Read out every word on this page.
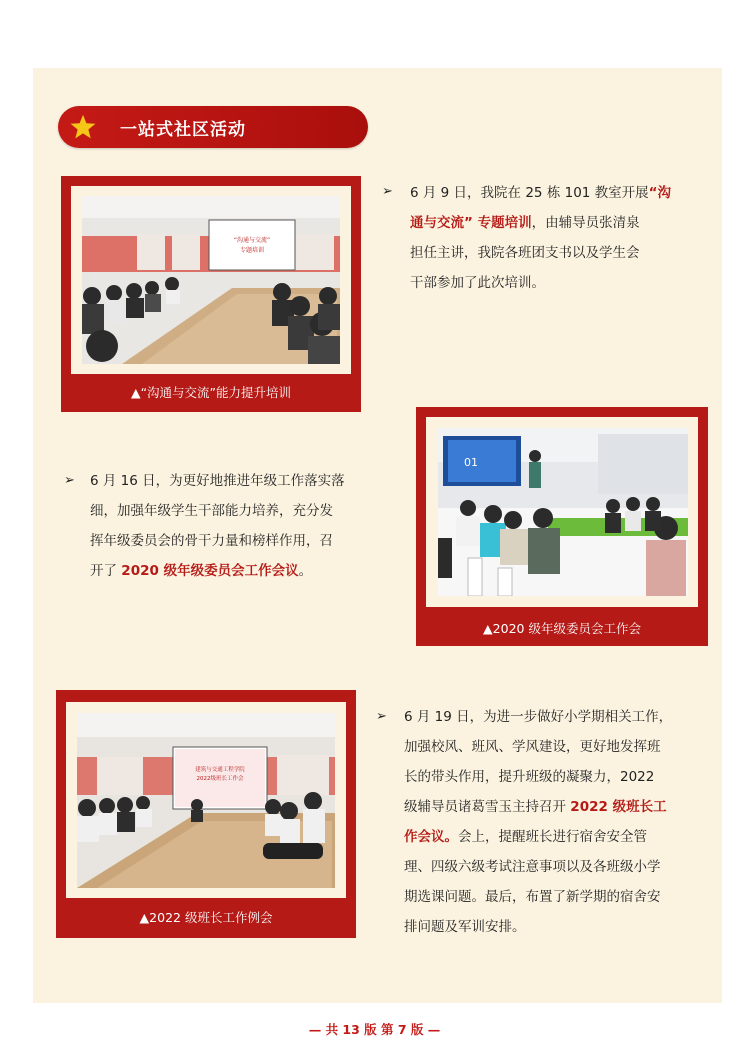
一站式社区活动
“沟通与交流”
专题培训
▲“沟通与交流”能力提升培训
➢ 6 月 9 日，我院在 25 栋 101 教室开展“沟
通与交流” 专题培训，由辅导员张清泉
担任主讲，我院各班团支书以及学生会
干部参加了此次培训。
01
▲2020 级年级委员会工作会
➢ 6 月 16 日，为更好地推进年级工作落实落
细，加强年级学生干部能力培养，充分发
挥年级委员会的骨干力量和榜样作用，召
开了 2020 级年级委员会工作会议。
建筑与交通工程学院
2022级班长工作会
▲2022 级班长工作例会
➢ 6 月 19 日，为进一步做好小学期相关工作，
加强校风、班风、学风建设，更好地发挥班
长的带头作用，提升班级的凝聚力，2022
级辅导员诸葛雪玉主持召开 2022 级班长工
作会议。会上，提醒班长进行宿舍安全管
理、四级六级考试注意事项以及各班级小学
期选课问题。最后，布置了新学期的宿舍安
排问题及军训安排。
— 共 13 版 第 7 版 —
